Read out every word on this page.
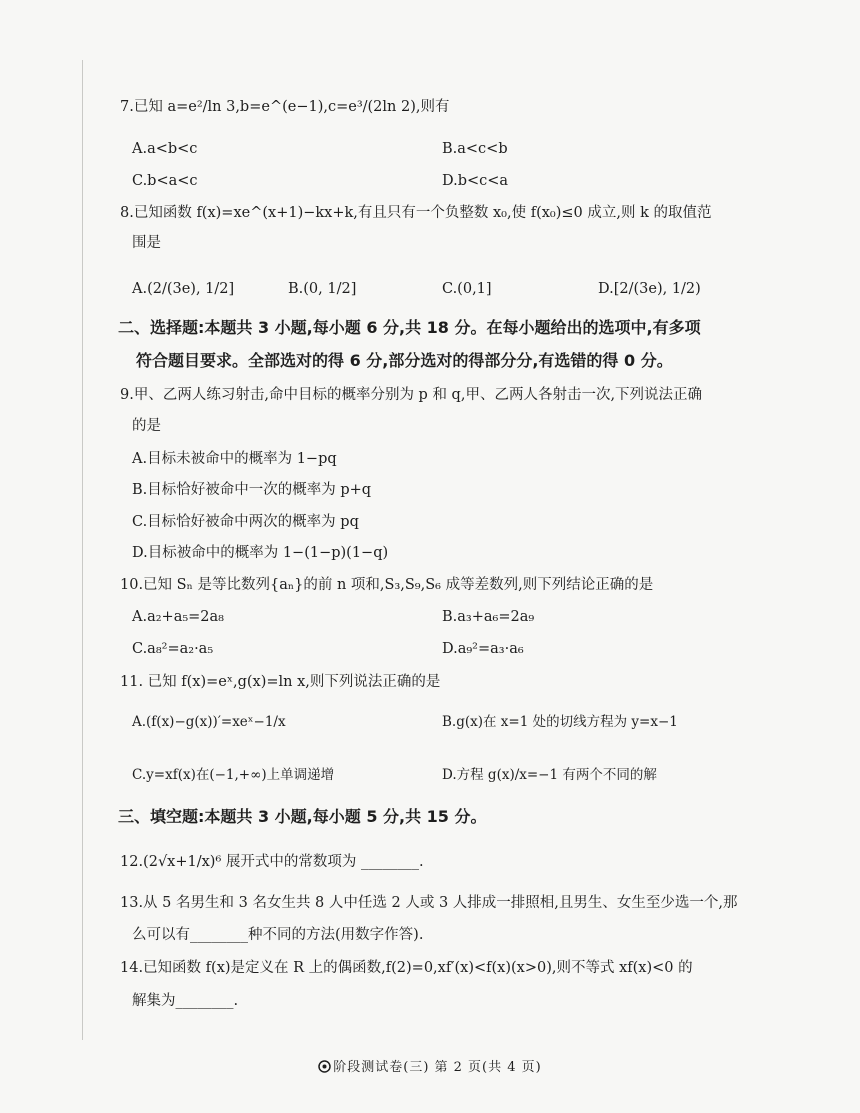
7.已知 a=e²/ln 3,b=e^(e−1),c=e³/(2ln 2),则有
A.a<b<c	B.a<c<b
C.b<a<c	D.b<c<a
8.已知函数 f(x)=xe^(x+1)−kx+k,有且只有一个负整数 x₀,使 f(x₀)≤0 成立,则 k 的取值范
围是
A.(2/(3e), 1/2]	B.(0, 1/2]	C.(0,1]	D.[2/(3e), 1/2)
二、选择题:本题共 3 小题,每小题 6 分,共 18 分。在每小题给出的选项中,有多项
符合题目要求。全部选对的得 6 分,部分选对的得部分分,有选错的得 0 分。
9.甲、乙两人练习射击,命中目标的概率分别为 p 和 q,甲、乙两人各射击一次,下列说法正确
的是
A.目标未被命中的概率为 1−pq
B.目标恰好被命中一次的概率为 p+q
C.目标恰好被命中两次的概率为 pq
D.目标被命中的概率为 1−(1−p)(1−q)
10.已知 Sₙ 是等比数列{aₙ}的前 n 项和,S₃,S₉,S₆ 成等差数列,则下列结论正确的是
A.a₂+a₅=2a₈	B.a₃+a₆=2a₉
C.a₈²=a₂·a₅	D.a₉²=a₃·a₆
11. 已知 f(x)=eˣ,g(x)=ln x,则下列说法正确的是
A.(f(x)−g(x))′=xeˣ−1/x	B.g(x)在 x=1 处的切线方程为 y=x−1
C.y=xf(x)在(−1,+∞)上单调递增	D.方程 g(x)/x=−1 有两个不同的解
三、填空题:本题共 3 小题,每小题 5 分,共 15 分。
12.(2√x+1/x)⁶ 展开式中的常数项为 ________.
13.从 5 名男生和 3 名女生共 8 人中任选 2 人或 3 人排成一排照相,且男生、女生至少选一个,那
么可以有________种不同的方法(用数字作答).
14.已知函数 f(x)是定义在 R 上的偶函数,f(2)=0,xf′(x)<f(x)(x>0),则不等式 xf(x)<0 的
解集为________.
阶段测试卷(三) 第 2 页(共 4 页)
